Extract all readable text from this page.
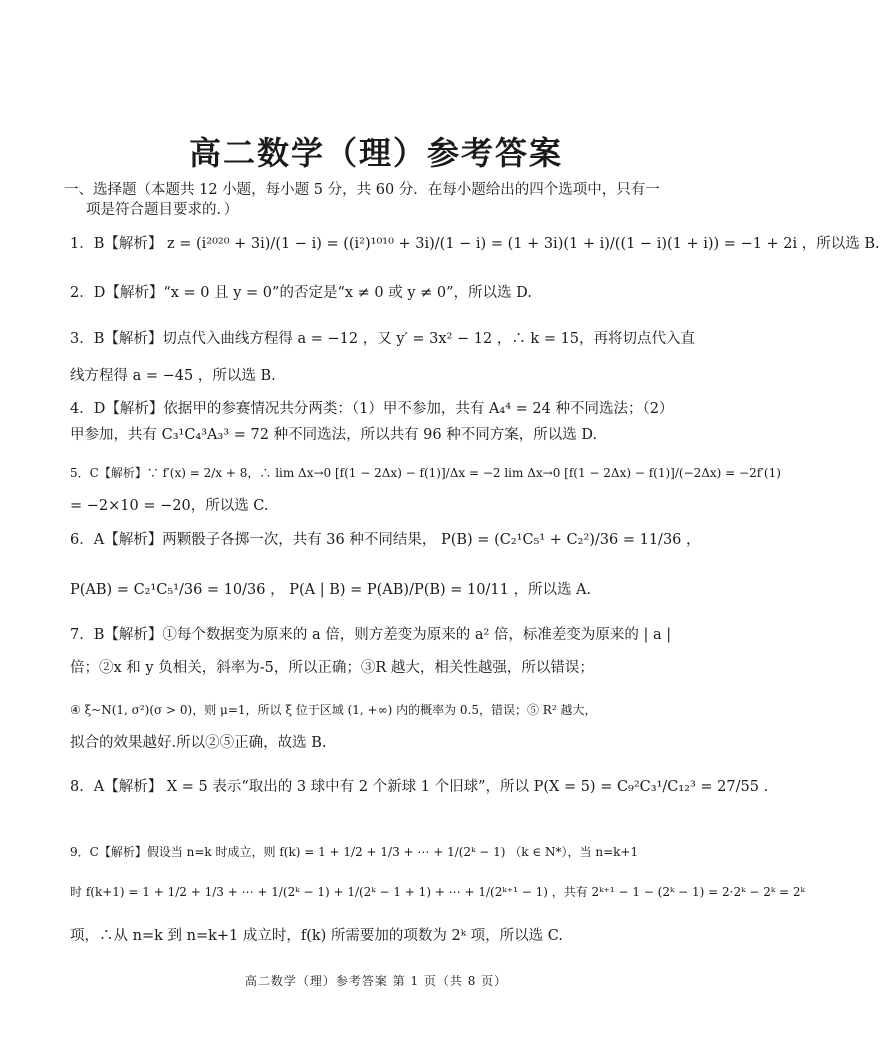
高二数学（理）参考答案
一、选择题（本题共 12 小题，每小题 5 分，共 60 分．在每小题给出的四个选项中，只有一
项是符合题目要求的．）
1．B【解析】 z = (i²⁰²⁰ + 3i)/(1 − i) = ((i²)¹⁰¹⁰ + 3i)/(1 − i) = (1 + 3i)(1 + i)/((1 − i)(1 + i)) = −1 + 2i ，所以选 B.
2．D【解析】“x = 0 且 y = 0”的否定是“x ≠ 0 或 y ≠ 0”，所以选 D.
3．B【解析】切点代入曲线方程得 a = −12 ，又 y′ = 3x² − 12 ，∴ k = 15，再将切点代入直
线方程得 a = −45 ，所以选 B.
4．D【解析】依据甲的参赛情况共分两类：（1）甲不参加，共有 A₄⁴ = 24 种不同选法；（2）
甲参加，共有 C₃¹C₄³A₃³ = 72 种不同选法，所以共有 96 种不同方案，所以选 D.
5．C【解析】∵ f′(x) = 2/x + 8，∴ lim Δx→0 [f(1 − 2Δx) − f(1)]/Δx = −2 lim Δx→0 [f(1 − 2Δx) − f(1)]/(−2Δx) = −2f′(1)
= −2×10 = −20，所以选 C.
6．A【解析】两颗骰子各掷一次，共有 36 种不同结果， P(B) = (C₂¹C₅¹ + C₂²)/36 = 11/36 ，
P(AB) = C₂¹C₅¹/36 = 10/36 ， P(A | B) = P(AB)/P(B) = 10/11 ，所以选 A.
7．B【解析】①每个数据变为原来的 a 倍，则方差变为原来的 a² 倍，标准差变为原来的 | a |
倍；②x 和 y 负相关，斜率为-5，所以正确；③R 越大，相关性越强，所以错误；
④ ξ~N(1, σ²)(σ > 0)，则 μ=1，所以 ξ 位于区域 (1, +∞) 内的概率为 0.5，错误；⑤ R² 越大，
拟合的效果越好.所以②⑤正确，故选 B.
8．A【解析】 X = 5 表示“取出的 3 球中有 2 个新球 1 个旧球”，所以 P(X = 5) = C₉²C₃¹/C₁₂³ = 27/55 .
9．C【解析】假设当 n=k 时成立，则 f(k) = 1 + 1/2 + 1/3 + ⋯ + 1/(2ᵏ − 1) （k ∈ N*），当 n=k+1
时 f(k+1) = 1 + 1/2 + 1/3 + ⋯ + 1/(2ᵏ − 1) + 1/(2ᵏ − 1 + 1) + ⋯ + 1/(2ᵏ⁺¹ − 1) ，共有 2ᵏ⁺¹ − 1 − (2ᵏ − 1) = 2·2ᵏ − 2ᵏ = 2ᵏ
项，∴从 n=k 到 n=k+1 成立时，f(k) 所需要加的项数为 2ᵏ 项，所以选 C.
高二数学（理）参考答案 第 1 页（共 8 页）
